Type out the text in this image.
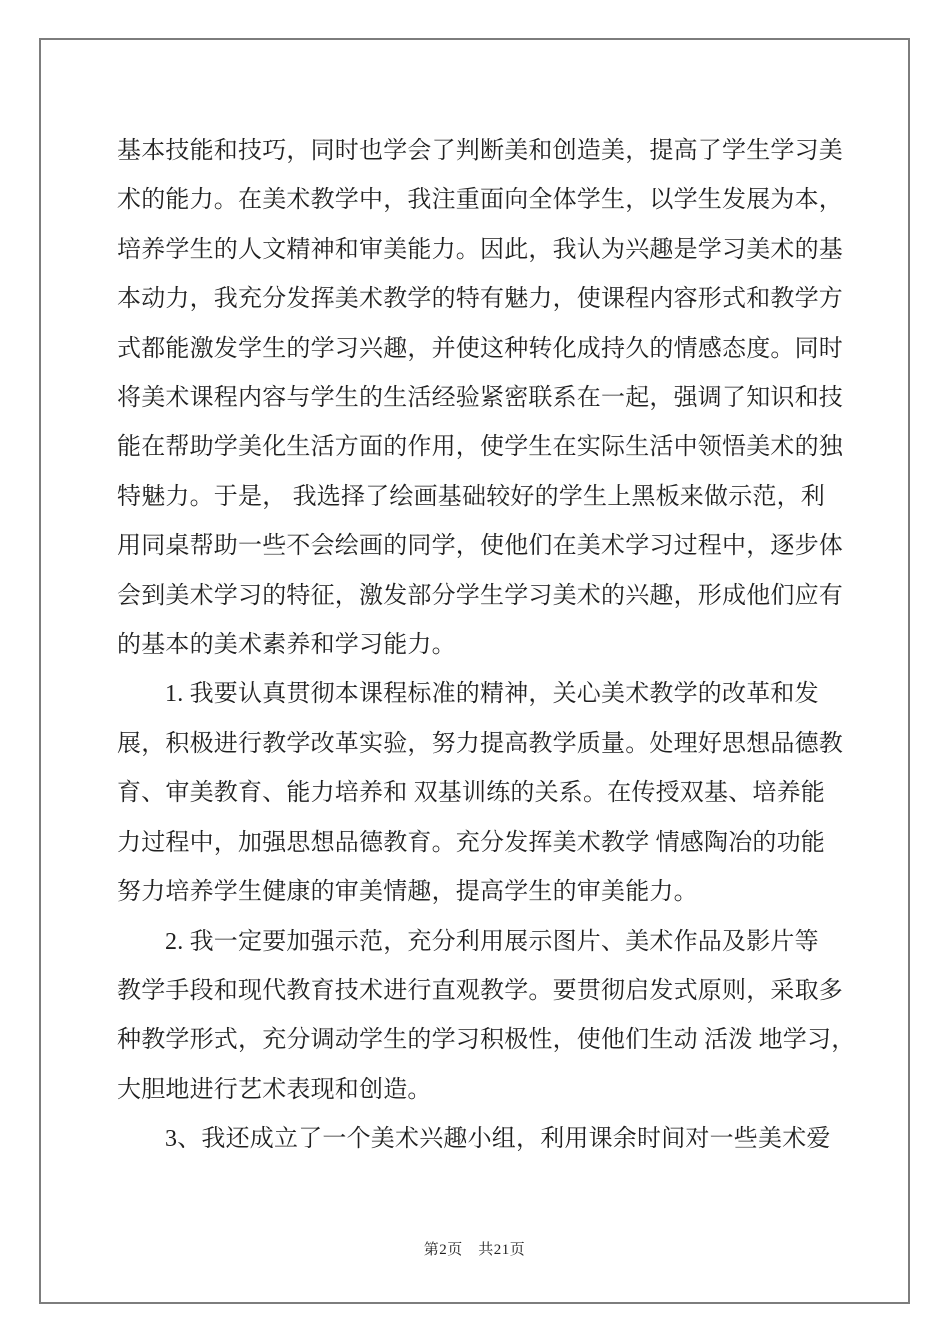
基本技能和技巧，同时也学会了判断美和创造美，提高了学生学习美
术的能力。在美术教学中，我注重面向全体学生，以学生发展为本，
培养学生的人文精神和审美能力。因此，我认为兴趣是学习美术的基
本动力，我充分发挥美术教学的特有魅力，使课程内容形式和教学方
式都能激发学生的学习兴趣，并使这种转化成持久的情感态度。同时
将美术课程内容与学生的生活经验紧密联系在一起，强调了知识和技
能在帮助学美化生活方面的作用，使学生在实际生活中领悟美术的独
特魅力。于是， 我选择了绘画基础较好的学生上黑板来做示范，利
用同桌帮助一些不会绘画的同学，使他们在美术学习过程中，逐步体
会到美术学习的特征，激发部分学生学习美术的兴趣，形成他们应有
的基本的美术素养和学习能力。
1. 我要认真贯彻本课程标准的精神，关心美术教学的改革和发
展，积极进行教学改革实验，努力提高教学质量。处理好思想品德教
育、审美教育、能力培养和 双基训练的关系。在传授双基、培养能
力过程中，加强思想品德教育。充分发挥美术教学 情感陶冶的功能
努力培养学生健康的审美情趣，提高学生的审美能力。
2. 我一定要加强示范，充分利用展示图片、美术作品及影片等
教学手段和现代教育技术进行直观教学。要贯彻启发式原则，采取多
种教学形式，充分调动学生的学习积极性，使他们生动 活泼 地学习，
大胆地进行艺术表现和创造。
3、我还成立了一个美术兴趣小组，利用课余时间对一些美术爱
第2页　共21页
